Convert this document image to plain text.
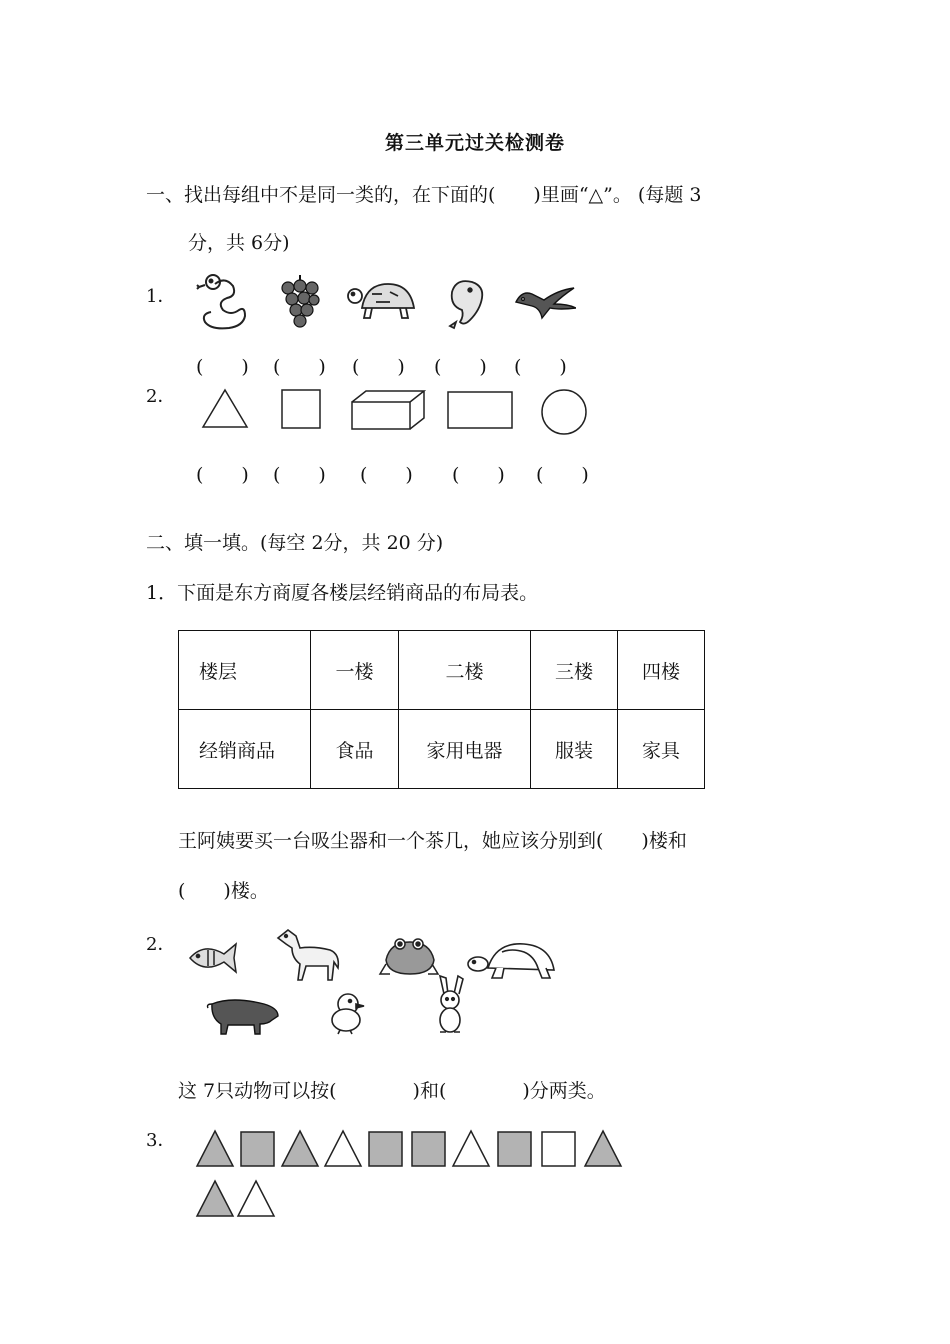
第三单元过关检测卷
一、找出每组中不是同一类的，在下面的(　　)里画“△”。 (每题 3
分，共 6分)
1．
(　　) (　　) (　　) (　　) (　　)
2．
(　　) (　　) (　　) (　　) (　　)
二、填一填。(每空 2分，共 20 分)
1．下面是东方商厦各楼层经销商品的布局表。
楼层	一楼	二楼	三楼	四楼
经销商品	食品	家用电器	服装	家具
王阿姨要买一台吸尘器和一个茶几，她应该分别到(　　)楼和
(　　)楼。
2．
这 7只动物可以按(　　　　)和(　　　　)分两类。
3．
